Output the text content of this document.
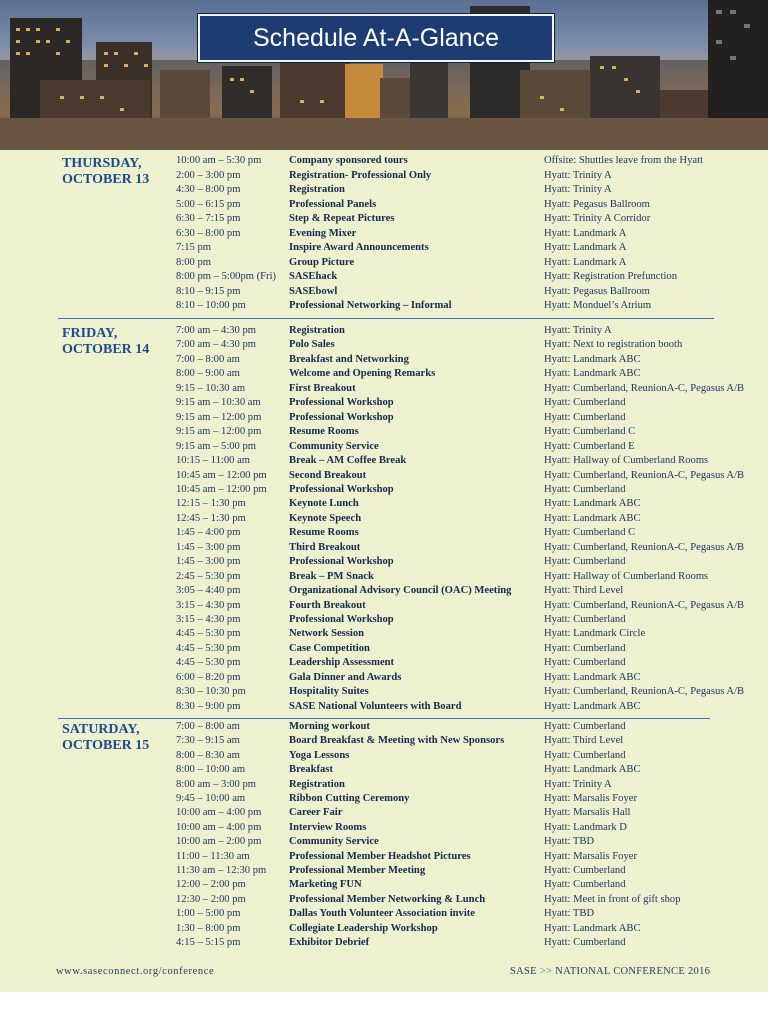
Schedule At-A-Glance
THURSDAY,
OCTOBER 13
10:00 am – 5:30 pm	Company sponsored tours	Offsite: Shuttles leave from the Hyatt
2:00 – 3:00 pm	Registration- Professional Only	Hyatt: Trinity A
4:30 – 8:00 pm	Registration	Hyatt: Trinity A
5:00 – 6:15 pm	Professional Panels	Hyatt: Pegasus Ballroom
6:30 – 7:15 pm	Step & Repeat Pictures	Hyatt: Trinity A Corridor
6:30 – 8:00 pm	Evening Mixer	Hyatt: Landmark A
7:15 pm	Inspire Award Announcements	Hyatt: Landmark A
8:00 pm	Group Picture	Hyatt: Landmark A
8:00 pm – 5:00pm (Fri) SASEhack	Hyatt: Registration Prefunction
8:10 – 9:15 pm	SASEbowl	Hyatt: Pegasus Ballroom
8:10 – 10:00 pm	Professional Networking – Informal	Hyatt: Monduel’s Atrium
FRIDAY,
OCTOBER 14
7:00 am – 4:30 pm	Registration	Hyatt: Trinity A
7:00 am – 4:30 pm	Polo Sales	Hyatt: Next to registration booth
7:00 – 8:00 am	Breakfast and Networking	Hyatt: Landmark ABC
8:00 – 9:00 am	Welcome and Opening Remarks	Hyatt: Landmark ABC
9:15 – 10:30 am	First Breakout	Hyatt: Cumberland, ReunionA-C, Pegasus A/B
9:15 am – 10:30 am	Professional Workshop	Hyatt: Cumberland
9:15 am – 12:00 pm	Professional Workshop	Hyatt: Cumberland
9:15 am – 12:00 pm	Resume Rooms	Hyatt: Cumberland C
9:15 am – 5:00 pm	Community Service	Hyatt: Cumberland E
10:15 – 11:00 am	Break – AM Coffee Break	Hyatt: Hallway of Cumberland Rooms
10:45 am – 12:00 pm Second Breakout	Hyatt: Cumberland, ReunionA-C, Pegasus A/B
10:45 am – 12:00 pm Professional Workshop	Hyatt: Cumberland
12:15 – 1:30 pm	Keynote Lunch	Hyatt: Landmark ABC
12:45 – 1:30 pm	Keynote Speech	Hyatt: Landmark ABC
1:45 – 4:00 pm	Resume Rooms	Hyatt: Cumberland C
1:45 – 3:00 pm	Third Breakout	Hyatt: Cumberland, ReunionA-C, Pegasus A/B
1:45 – 3:00 pm	Professional Workshop	Hyatt: Cumberland
2:45 – 5:30 pm	Break – PM Snack	Hyatt: Hallway of Cumberland Rooms
3:05 – 4:40 pm	Organizational Advisory Council (OAC) Meeting	Hyatt: Third Level
3:15 – 4:30 pm	Fourth Breakout	Hyatt: Cumberland, ReunionA-C, Pegasus A/B
3:15 – 4:30 pm	Professional Workshop	Hyatt: Cumberland
4:45 – 5:30 pm	Network Session	Hyatt: Landmark Circle
4:45 – 5:30 pm	Case Competition	Hyatt: Cumberland
4:45 – 5:30 pm	Leadership Assessment	Hyatt: Cumberland
6:00 – 8:20 pm	Gala Dinner and Awards	Hyatt: Landmark ABC
8:30 – 10:30 pm	Hospitality Suites	Hyatt: Cumberland, ReunionA-C, Pegasus A/B
8:30 – 9:00 pm	SASE National Volunteers with Board	Hyatt: Landmark ABC
SATURDAY,
OCTOBER 15
7:00 – 8:00 am	Morning workout	Hyatt: Cumberland
7:30 – 9:15 am	Board Breakfast & Meeting with New Sponsors	Hyatt: Third Level
8:00 – 8:30 am	Yoga Lessons	Hyatt: Cumberland
8:00 – 10:00 am	Breakfast	Hyatt: Landmark ABC
8:00 am – 3:00 pm	Registration	Hyatt: Trinity A
9:45 – 10:00 am	Ribbon Cutting Ceremony	Hyatt: Marsalis Foyer
10:00 am – 4:00 pm	Career Fair	Hyatt: Marsalis Hall
10:00 am – 4:00 pm	Interview Rooms	Hyatt: Landmark D
10:00 am – 2:00 pm	Community Service	Hyatt: TBD
11:00 – 11:30 am	Professional Member Headshot Pictures	Hyatt: Marsalis Foyer
11:30 am – 12:30 pm Professional Member Meeting	Hyatt: Cumberland
12:00 – 2:00 pm	Marketing FUN	Hyatt: Cumberland
12:30 – 2:00 pm	Professional Member Networking & Lunch	Hyatt: Meet in front of gift shop
1:00 – 5:00 pm	Dallas Youth Volunteer Association invite	Hyatt: TBD
1:30 – 8:00 pm	Collegiate Leadership Workshop	Hyatt: Landmark ABC
4:15 – 5:15 pm	Exhibitor Debrief	Hyatt: Cumberland
www.saseconnect.org/conference	SASE >> NATIONAL CONFERENCE 2016
